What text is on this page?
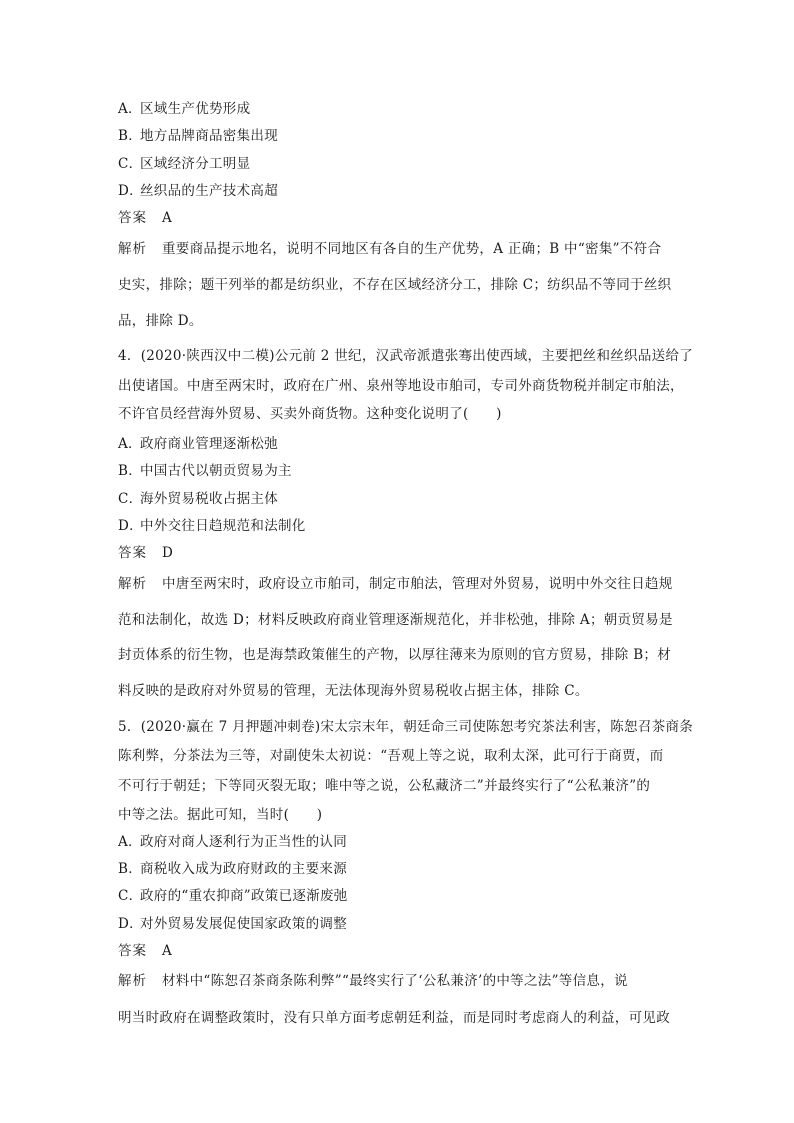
A．区域生产优势形成
B．地方品牌商品密集出现
C．区域经济分工明显
D．丝织品的生产技术高超
答案 A
解析 重要商品提示地名，说明不同地区有各自的生产优势，A 正确；B 中“密集”不符合
史实，排除；题干列举的都是纺织业，不存在区域经济分工，排除 C；纺织品不等同于丝织
品，排除 D。
4．(2020·陕西汉中二模)公元前 2 世纪，汉武帝派遣张骞出使西域，主要把丝和丝织品送给了
出使诸国。中唐至两宋时，政府在广州、泉州等地设市舶司，专司外商货物税并制定市舶法，
不许官员经营海外贸易、买卖外商货物。这种变化说明了(　　)
A．政府商业管理逐渐松弛
B．中国古代以朝贡贸易为主
C．海外贸易税收占据主体
D．中外交往日趋规范和法制化
答案 D
解析 中唐至两宋时，政府设立市舶司，制定市舶法，管理对外贸易，说明中外交往日趋规
范和法制化，故选 D；材料反映政府商业管理逐渐规范化，并非松弛，排除 A；朝贡贸易是
封贡体系的衍生物，也是海禁政策催生的产物，以厚往薄来为原则的官方贸易，排除 B；材
料反映的是政府对外贸易的管理，无法体现海外贸易税收占据主体，排除 C。
5．(2020·赢在 7 月押题冲刺卷)宋太宗末年，朝廷命三司使陈恕考究茶法利害，陈恕召茶商条
陈利弊，分茶法为三等，对副使朱太初说：“吾观上等之说，取利太深，此可行于商贾，而
不可行于朝廷；下等同灭裂无取；唯中等之说，公私藏济二”并最终实行了“公私兼济”的
中等之法。据此可知，当时(　　)
A．政府对商人逐利行为正当性的认同
B．商税收入成为政府财政的主要来源
C．政府的“重农抑商”政策已逐渐废弛
D．对外贸易发展促使国家政策的调整
答案 A
解析 材料中“陈恕召茶商条陈利弊”“最终实行了‘公私兼济’的中等之法”等信息，说
明当时政府在调整政策时，没有只单方面考虑朝廷利益，而是同时考虑商人的利益，可见政
